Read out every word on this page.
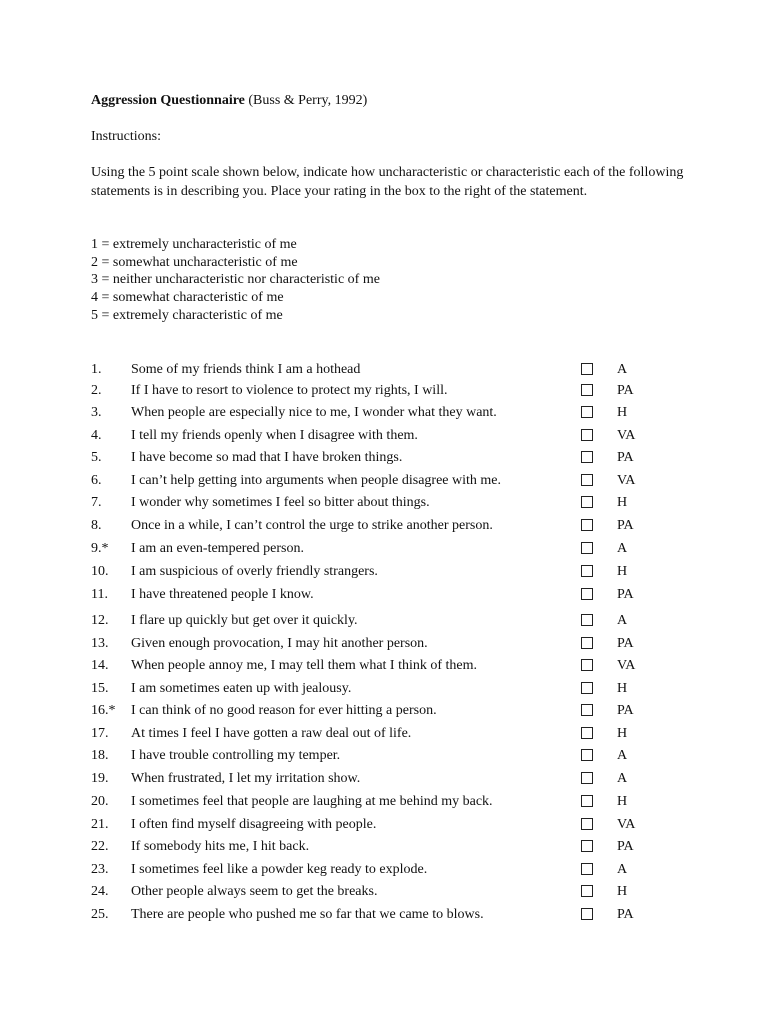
Aggression Questionnaire (Buss & Perry, 1992)
Instructions:
Using the 5 point scale shown below, indicate how uncharacteristic or characteristic each of the following statements is in describing you. Place your rating in the box to the right of the statement.
1 = extremely uncharacteristic of me
2 = somewhat uncharacteristic of me
3 = neither uncharacteristic nor characteristic of me
4 = somewhat characteristic of me
5 = extremely characteristic of me
1. Some of my friends think I am a hothead	A
2. If I have to resort to violence to protect my rights, I will.	PA
3. When people are especially nice to me, I wonder what they want.	H
4. I tell my friends openly when I disagree with them.	VA
5. I have become so mad that I have broken things.	PA
6. I can’t help getting into arguments when people disagree with me.	VA
7. I wonder why sometimes I feel so bitter about things.	H
8. Once in a while, I can’t control the urge to strike another person.	PA
9.* I am an even-tempered person.	A
10. I am suspicious of overly friendly strangers.	H
11. I have threatened people I know.	PA
12. I flare up quickly but get over it quickly.	A
13. Given enough provocation, I may hit another person.	PA
14. When people annoy me, I may tell them what I think of them.	VA
15. I am sometimes eaten up with jealousy.	H
16.* I can think of no good reason for ever hitting a person.	PA
17. At times I feel I have gotten a raw deal out of life.	H
18. I have trouble controlling my temper.	A
19. When frustrated, I let my irritation show.	A
20. I sometimes feel that people are laughing at me behind my back.	H
21. I often find myself disagreeing with people.	VA
22. If somebody hits me, I hit back.	PA
23. I sometimes feel like a powder keg ready to explode.	A
24. Other people always seem to get the breaks.	H
25. There are people who pushed me so far that we came to blows.	PA
